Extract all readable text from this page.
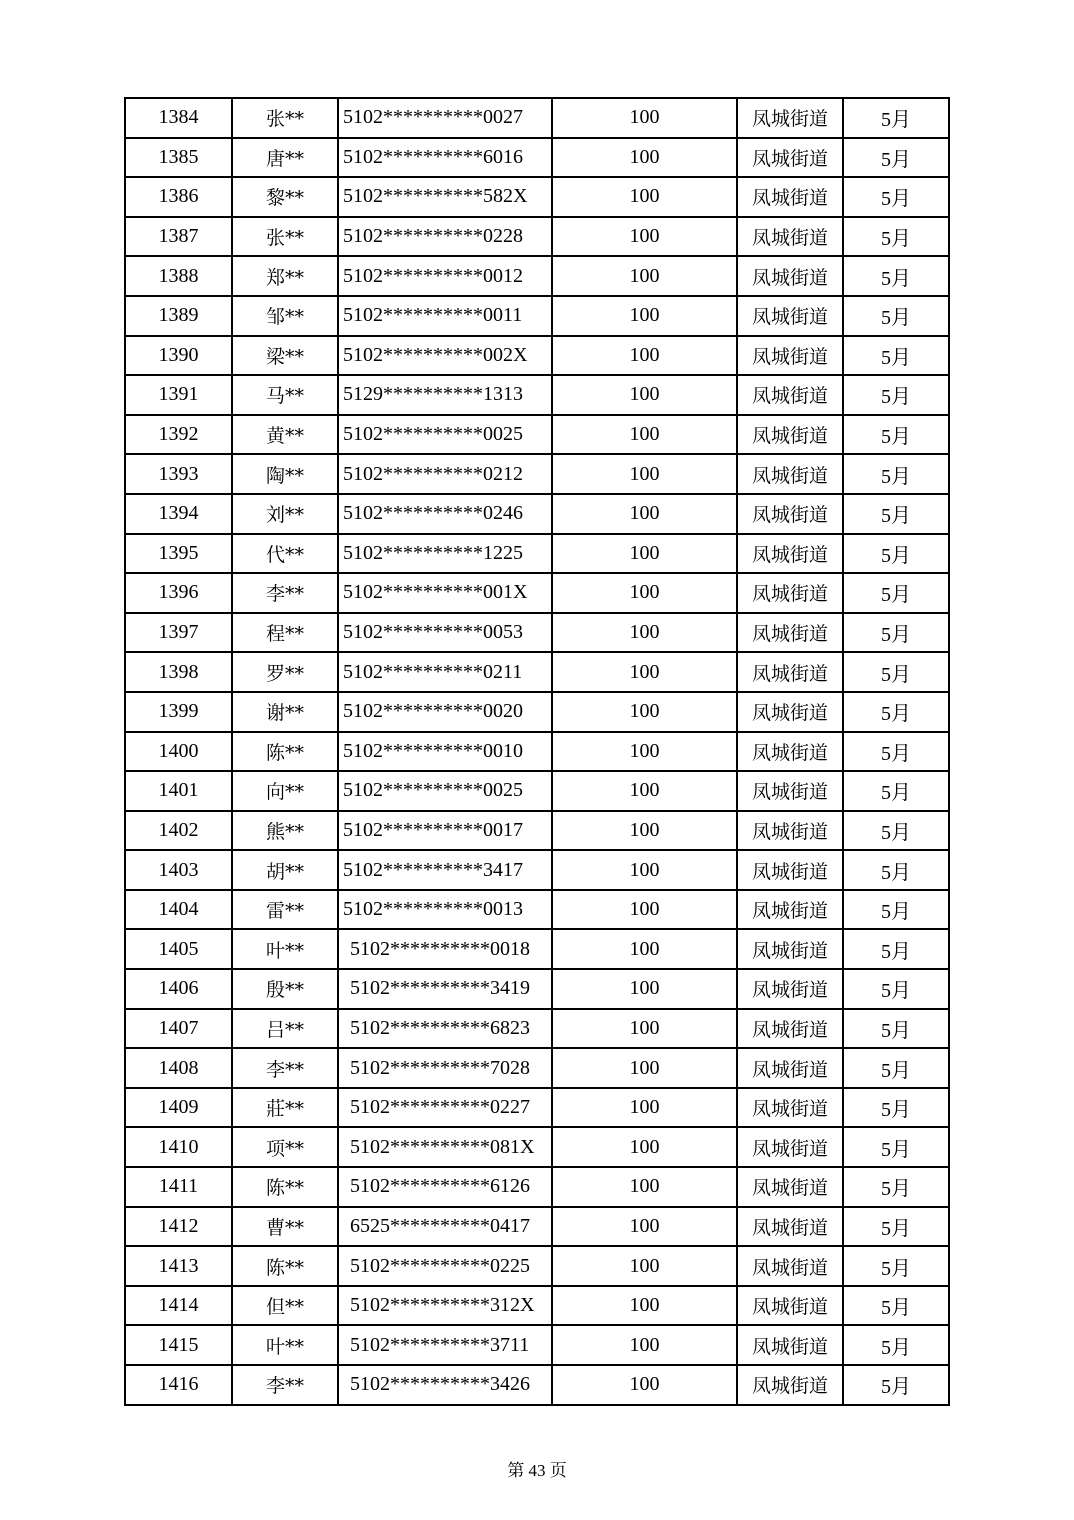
1384	张**	5102**********0027	100	凤城街道	5月
1385	唐**	5102**********6016	100	凤城街道	5月
1386	黎**	5102**********582X	100	凤城街道	5月
1387	张**	5102**********0228	100	凤城街道	5月
1388	郑**	5102**********0012	100	凤城街道	5月
1389	邹**	5102**********0011	100	凤城街道	5月
1390	梁**	5102**********002X	100	凤城街道	5月
1391	马**	5129**********1313	100	凤城街道	5月
1392	黄**	5102**********0025	100	凤城街道	5月
1393	陶**	5102**********0212	100	凤城街道	5月
1394	刘**	5102**********0246	100	凤城街道	5月
1395	代**	5102**********1225	100	凤城街道	5月
1396	李**	5102**********001X	100	凤城街道	5月
1397	程**	5102**********0053	100	凤城街道	5月
1398	罗**	5102**********0211	100	凤城街道	5月
1399	谢**	5102**********0020	100	凤城街道	5月
1400	陈**	5102**********0010	100	凤城街道	5月
1401	向**	5102**********0025	100	凤城街道	5月
1402	熊**	5102**********0017	100	凤城街道	5月
1403	胡**	5102**********3417	100	凤城街道	5月
1404	雷**	5102**********0013	100	凤城街道	5月
1405	叶**	5102**********0018	100	凤城街道	5月
1406	殷**	5102**********3419	100	凤城街道	5月
1407	吕**	5102**********6823	100	凤城街道	5月
1408	李**	5102**********7028	100	凤城街道	5月
1409	莊**	5102**********0227	100	凤城街道	5月
1410	项**	5102**********081X	100	凤城街道	5月
1411	陈**	5102**********6126	100	凤城街道	5月
1412	曹**	6525**********0417	100	凤城街道	5月
1413	陈**	5102**********0225	100	凤城街道	5月
1414	但**	5102**********312X	100	凤城街道	5月
1415	叶**	5102**********3711	100	凤城街道	5月
1416	李**	5102**********3426	100	凤城街道	5月
第 43 页
